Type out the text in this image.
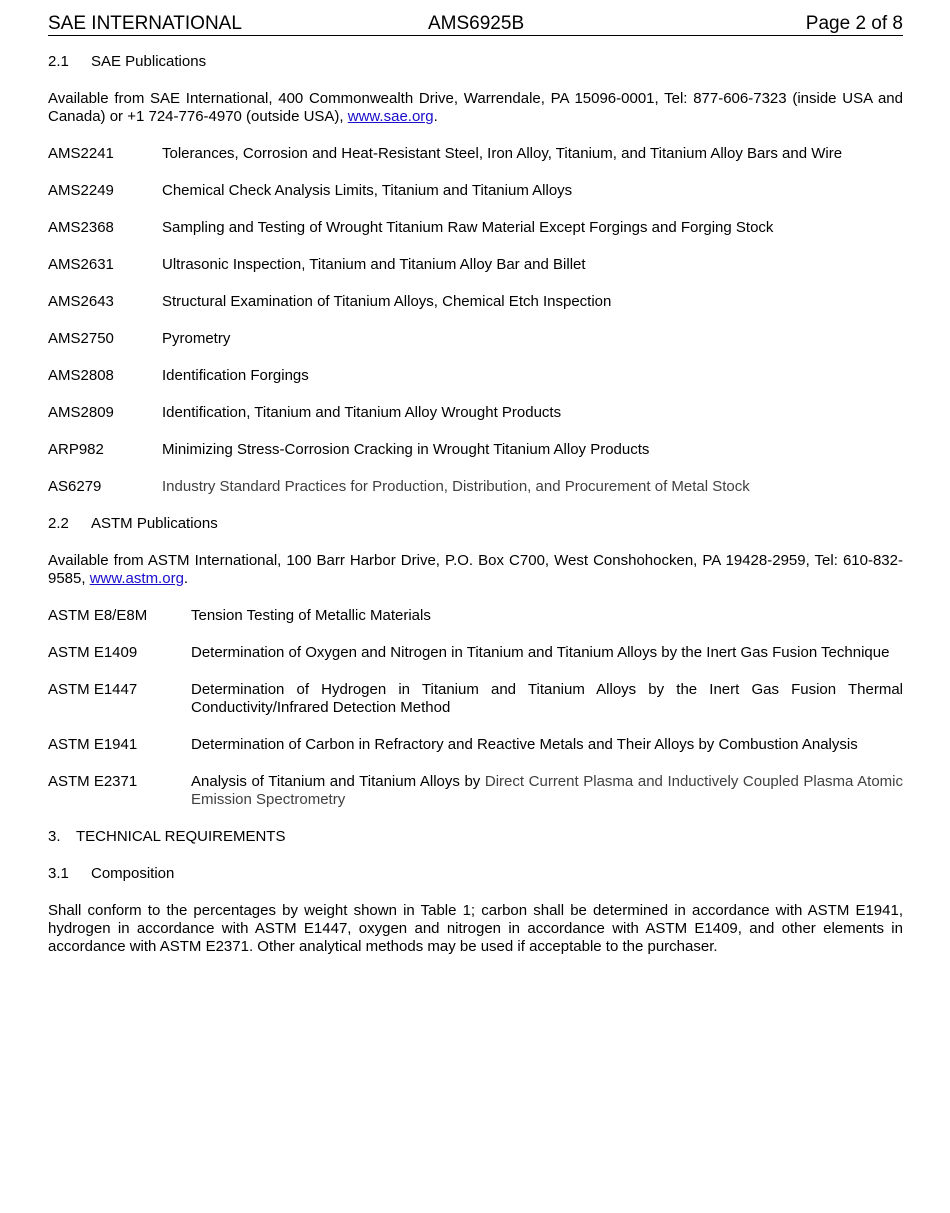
SAE INTERNATIONAL	AMS6925B	Page 2 of 8
2.1 SAE Publications
Available from SAE International, 400 Commonwealth Drive, Warrendale, PA 15096-0001, Tel: 877-606-7323 (inside USA and Canada) or +1 724-776-4970 (outside USA), www.sae.org.
AMS2241	Tolerances, Corrosion and Heat-Resistant Steel, Iron Alloy, Titanium, and Titanium Alloy Bars and Wire
AMS2249	Chemical Check Analysis Limits, Titanium and Titanium Alloys
AMS2368	Sampling and Testing of Wrought Titanium Raw Material Except Forgings and Forging Stock
AMS2631	Ultrasonic Inspection, Titanium and Titanium Alloy Bar and Billet
AMS2643	Structural Examination of Titanium Alloys, Chemical Etch Inspection
AMS2750	Pyrometry
AMS2808	Identification Forgings
AMS2809	Identification, Titanium and Titanium Alloy Wrought Products
ARP982	Minimizing Stress-Corrosion Cracking in Wrought Titanium Alloy Products
AS6279	Industry Standard Practices for Production, Distribution, and Procurement of Metal Stock
2.2 ASTM Publications
Available from ASTM International, 100 Barr Harbor Drive, P.O. Box C700, West Conshohocken, PA 19428-2959, Tel: 610-832-9585, www.astm.org.
ASTM E8/E8M	Tension Testing of Metallic Materials
ASTM E1409	Determination of Oxygen and Nitrogen in Titanium and Titanium Alloys by the Inert Gas Fusion Technique
ASTM E1447	Determination of Hydrogen in Titanium and Titanium Alloys by the Inert Gas Fusion Thermal Conductivity/Infrared Detection Method
ASTM E1941	Determination of Carbon in Refractory and Reactive Metals and Their Alloys by Combustion Analysis
ASTM E2371	Analysis of Titanium and Titanium Alloys by Direct Current Plasma and Inductively Coupled Plasma Atomic Emission Spectrometry
3. TECHNICAL REQUIREMENTS
3.1 Composition
Shall conform to the percentages by weight shown in Table 1; carbon shall be determined in accordance with ASTM E1941, hydrogen in accordance with ASTM E1447, oxygen and nitrogen in accordance with ASTM E1409, and other elements in accordance with ASTM E2371. Other analytical methods may be used if acceptable to the purchaser.
